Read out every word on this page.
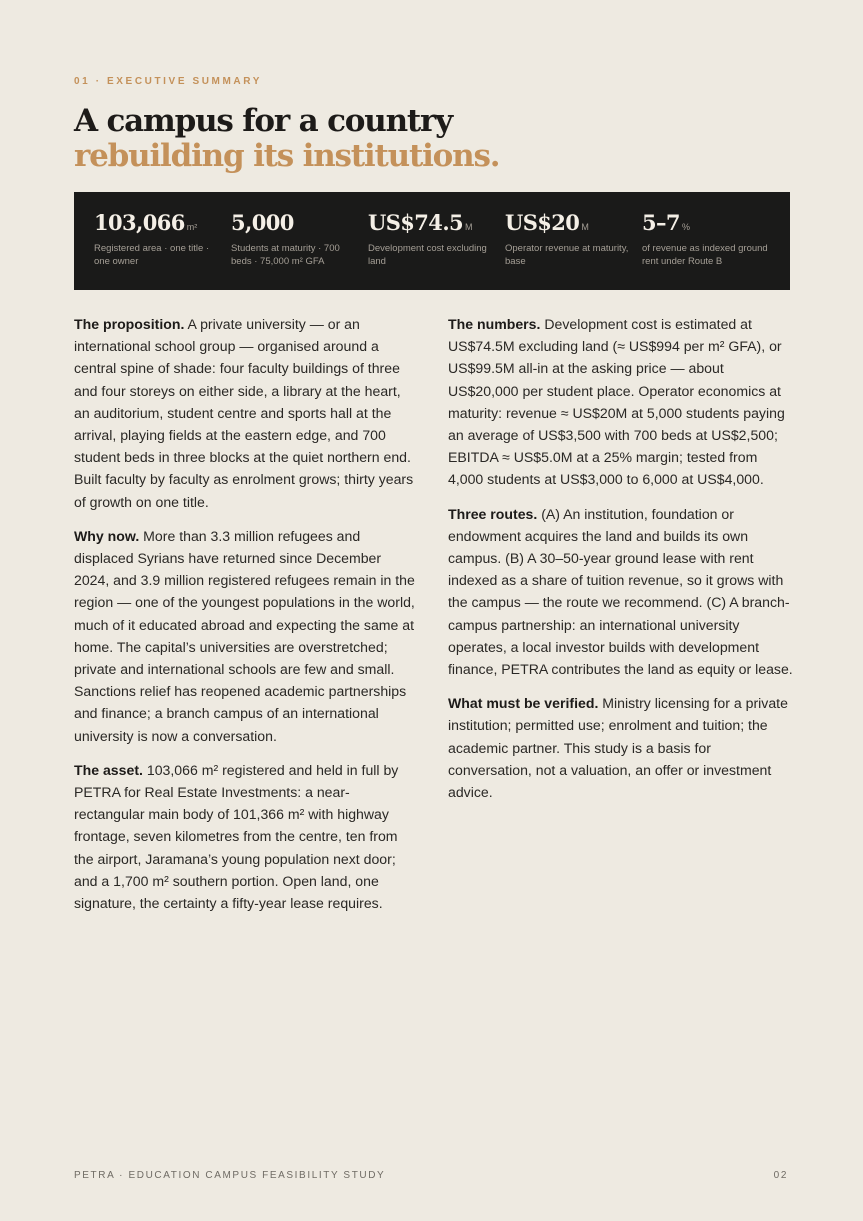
01 · EXECUTIVE SUMMARY
A campus for a country
rebuilding its institutions.
103,066 m²
Registered area · one title · one owner
5,000
Students at maturity · 700 beds · 75,000 m² GFA
US$74.5 M
Development cost excluding land
US$20 M
Operator revenue at maturity, base
5–7 %
of revenue as indexed ground rent under Route B

The proposition. A private university — or an international school group — organised around a central spine of shade: four faculty buildings of three and four storeys on either side, a library at the heart, an auditorium, student centre and sports hall at the arrival, playing fields at the eastern edge, and 700 student beds in three blocks at the quiet northern end. Built faculty by faculty as enrolment grows; thirty years of growth on one title.

Why now. More than 3.3 million refugees and displaced Syrians have returned since December 2024, and 3.9 million registered refugees remain in the region — one of the youngest populations in the world, much of it educated abroad and expecting the same at home. The capital’s universities are overstretched; private and international schools are few and small. Sanctions relief has reopened academic partnerships and finance; a branch campus of an international university is now a conversation.

The asset. 103,066 m² registered and held in full by PETRA for Real Estate Investments: a near-rectangular main body of 101,366 m² with highway frontage, seven kilometres from the centre, ten from the airport, Jaramana’s young population next door; and a 1,700 m² southern portion. Open land, one signature, the certainty a fifty-year lease requires.

The numbers. Development cost is estimated at US$74.5M excluding land (≈ US$994 per m² GFA), or US$99.5M all-in at the asking price — about US$20,000 per student place. Operator economics at maturity: revenue ≈ US$20M at 5,000 students paying an average of US$3,500 with 700 beds at US$2,500; EBITDA ≈ US$5.0M at a 25% margin; tested from 4,000 students at US$3,000 to 6,000 at US$4,000.

Three routes. (A) An institution, foundation or endowment acquires the land and builds its own campus. (B) A 30–50-year ground lease with rent indexed as a share of tuition revenue, so it grows with the campus — the route we recommend. (C) A branch-campus partnership: an international university operates, a local investor builds with development finance, PETRA contributes the land as equity or lease.

What must be verified. Ministry licensing for a private institution; permitted use; enrolment and tuition; the academic partner. This study is a basis for conversation, not a valuation, an offer or investment advice.

PETRA · EDUCATION CAMPUS FEASIBILITY STUDY	02
